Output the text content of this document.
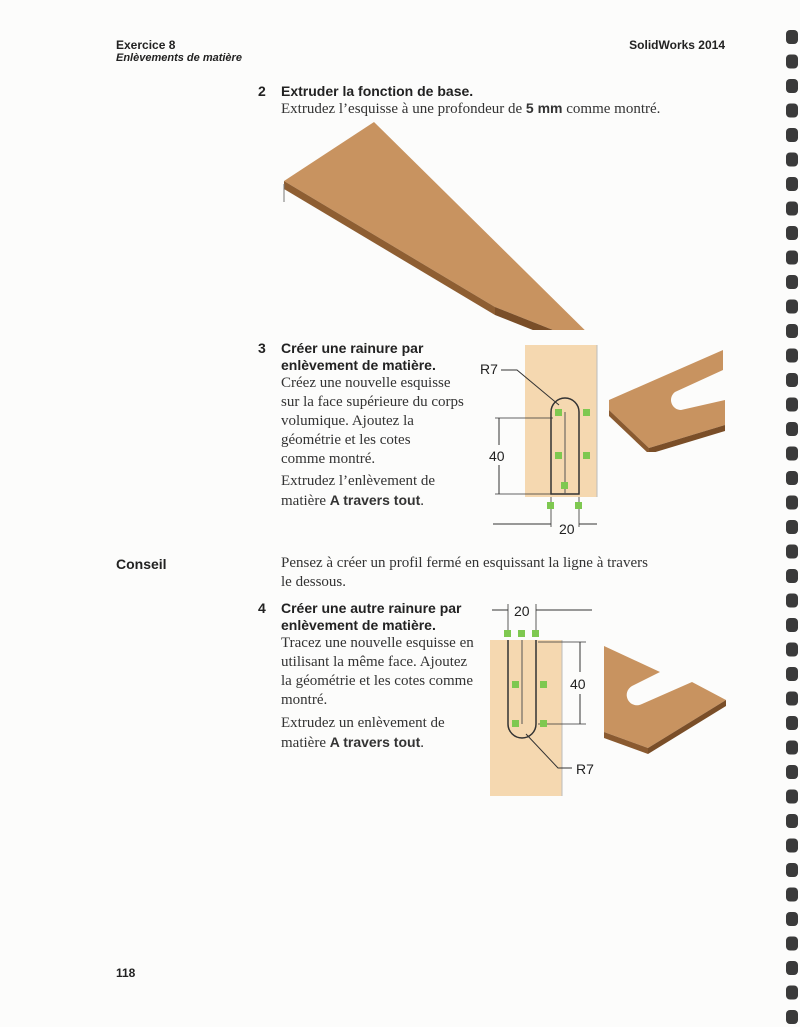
Exercice 8
Enlèvements de matière
SolidWorks 2014
2 Extruder la fonction de base.
Extrudez l’esquisse à une profondeur de 5 mm comme montré.
3 Créer une rainure par
enlèvement de matière.
Créez une nouvelle esquisse
sur la face supérieure du corps
volumique. Ajoutez la
géométrie et les cotes
comme montré.
Extrudez l’enlèvement de
matière A travers tout.
R7
40
20
Conseil	Pensez à créer un profil fermé en esquissant la ligne à travers
le dessous.
4 Créer une autre rainure par
enlèvement de matière.
Tracez une nouvelle esquisse en
utilisant la même face. Ajoutez
la géométrie et les cotes comme
montré.
Extrudez un enlèvement de
matière A travers tout.
20
40
R7
118
